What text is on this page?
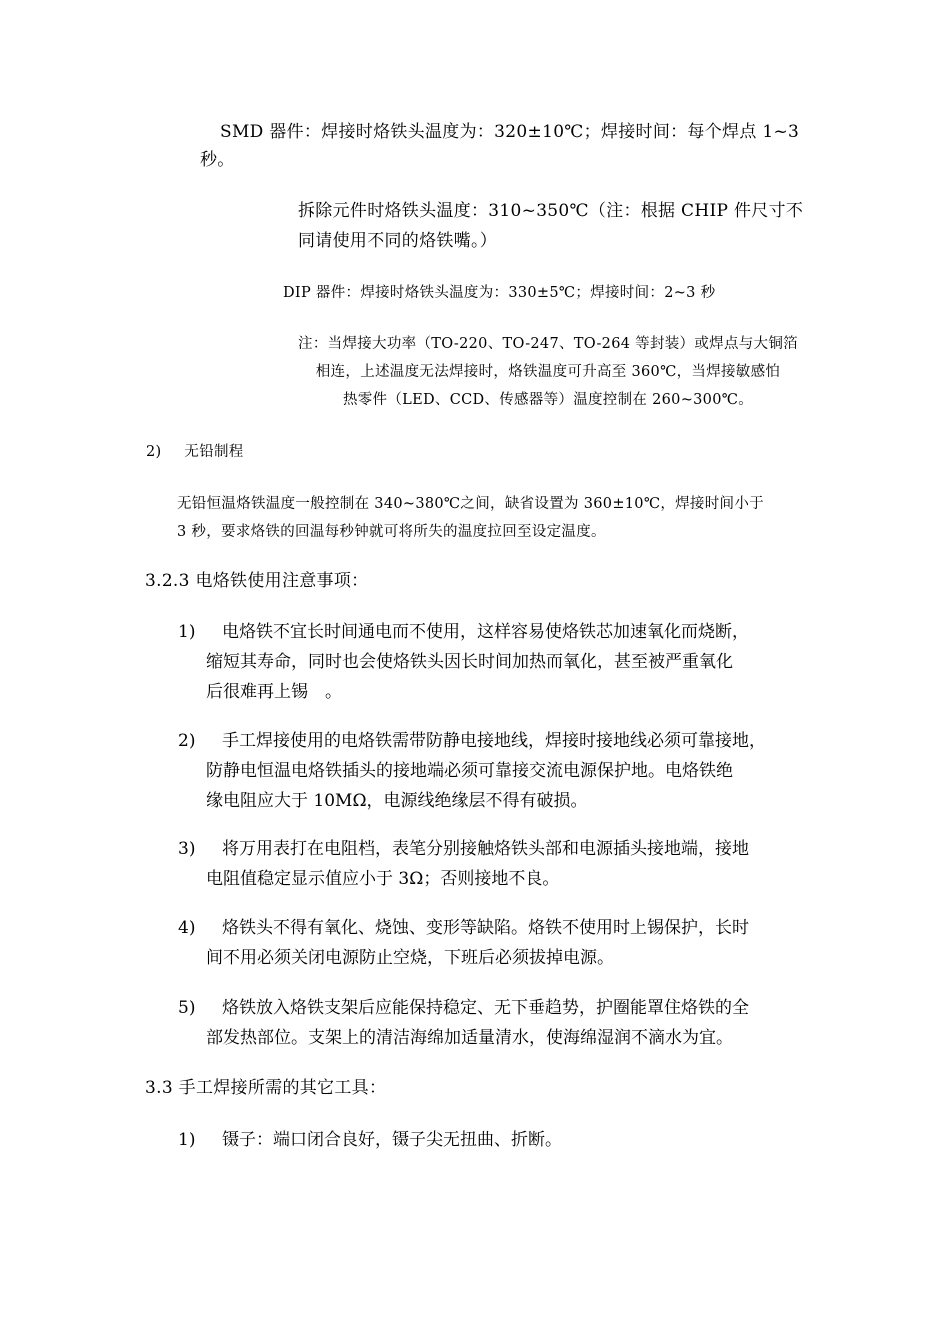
SMD 器件：焊接时烙铁头温度为：320±10℃；焊接时间：每个焊点 1~3
秒。
拆除元件时烙铁头温度：310~350℃（注：根据 CHIP 件尺寸不
同请使用不同的烙铁嘴。）
DIP 器件：焊接时烙铁头温度为：330±5℃；焊接时间：2~3 秒
注：当焊接大功率（TO-220、TO-247、TO-264 等封装）或焊点与大铜箔
相连，上述温度无法焊接时，烙铁温度可升高至 360℃，当焊接敏感怕
热零件（LED、CCD、传感器等）温度控制在 260~300℃。
2) 无铅制程
无铅恒温烙铁温度一般控制在 340~380℃之间，缺省设置为 360±10℃，焊接时间小于
3 秒，要求烙铁的回温每秒钟就可将所失的温度拉回至设定温度。
3.2.3 电烙铁使用注意事项：
1) 电烙铁不宜长时间通电而不使用，这样容易使烙铁芯加速氧化而烧断，
缩短其寿命，同时也会使烙铁头因长时间加热而氧化，甚至被严重氧化
后很难再上锡　。
2) 手工焊接使用的电烙铁需带防静电接地线，焊接时接地线必须可靠接地，
防静电恒温电烙铁插头的接地端必须可靠接交流电源保护地。电烙铁绝
缘电阻应大于 10MΩ，电源线绝缘层不得有破损。
3) 将万用表打在电阻档，表笔分别接触烙铁头部和电源插头接地端，接地
电阻值稳定显示值应小于 3Ω；否则接地不良。
4) 烙铁头不得有氧化、烧蚀、变形等缺陷。烙铁不使用时上锡保护，长时
间不用必须关闭电源防止空烧，下班后必须拔掉电源。
5) 烙铁放入烙铁支架后应能保持稳定、无下垂趋势，护圈能罩住烙铁的全
部发热部位。支架上的清洁海绵加适量清水，使海绵湿润不滴水为宜。
3.3 手工焊接所需的其它工具：
1) 镊子：端口闭合良好，镊子尖无扭曲、折断。
